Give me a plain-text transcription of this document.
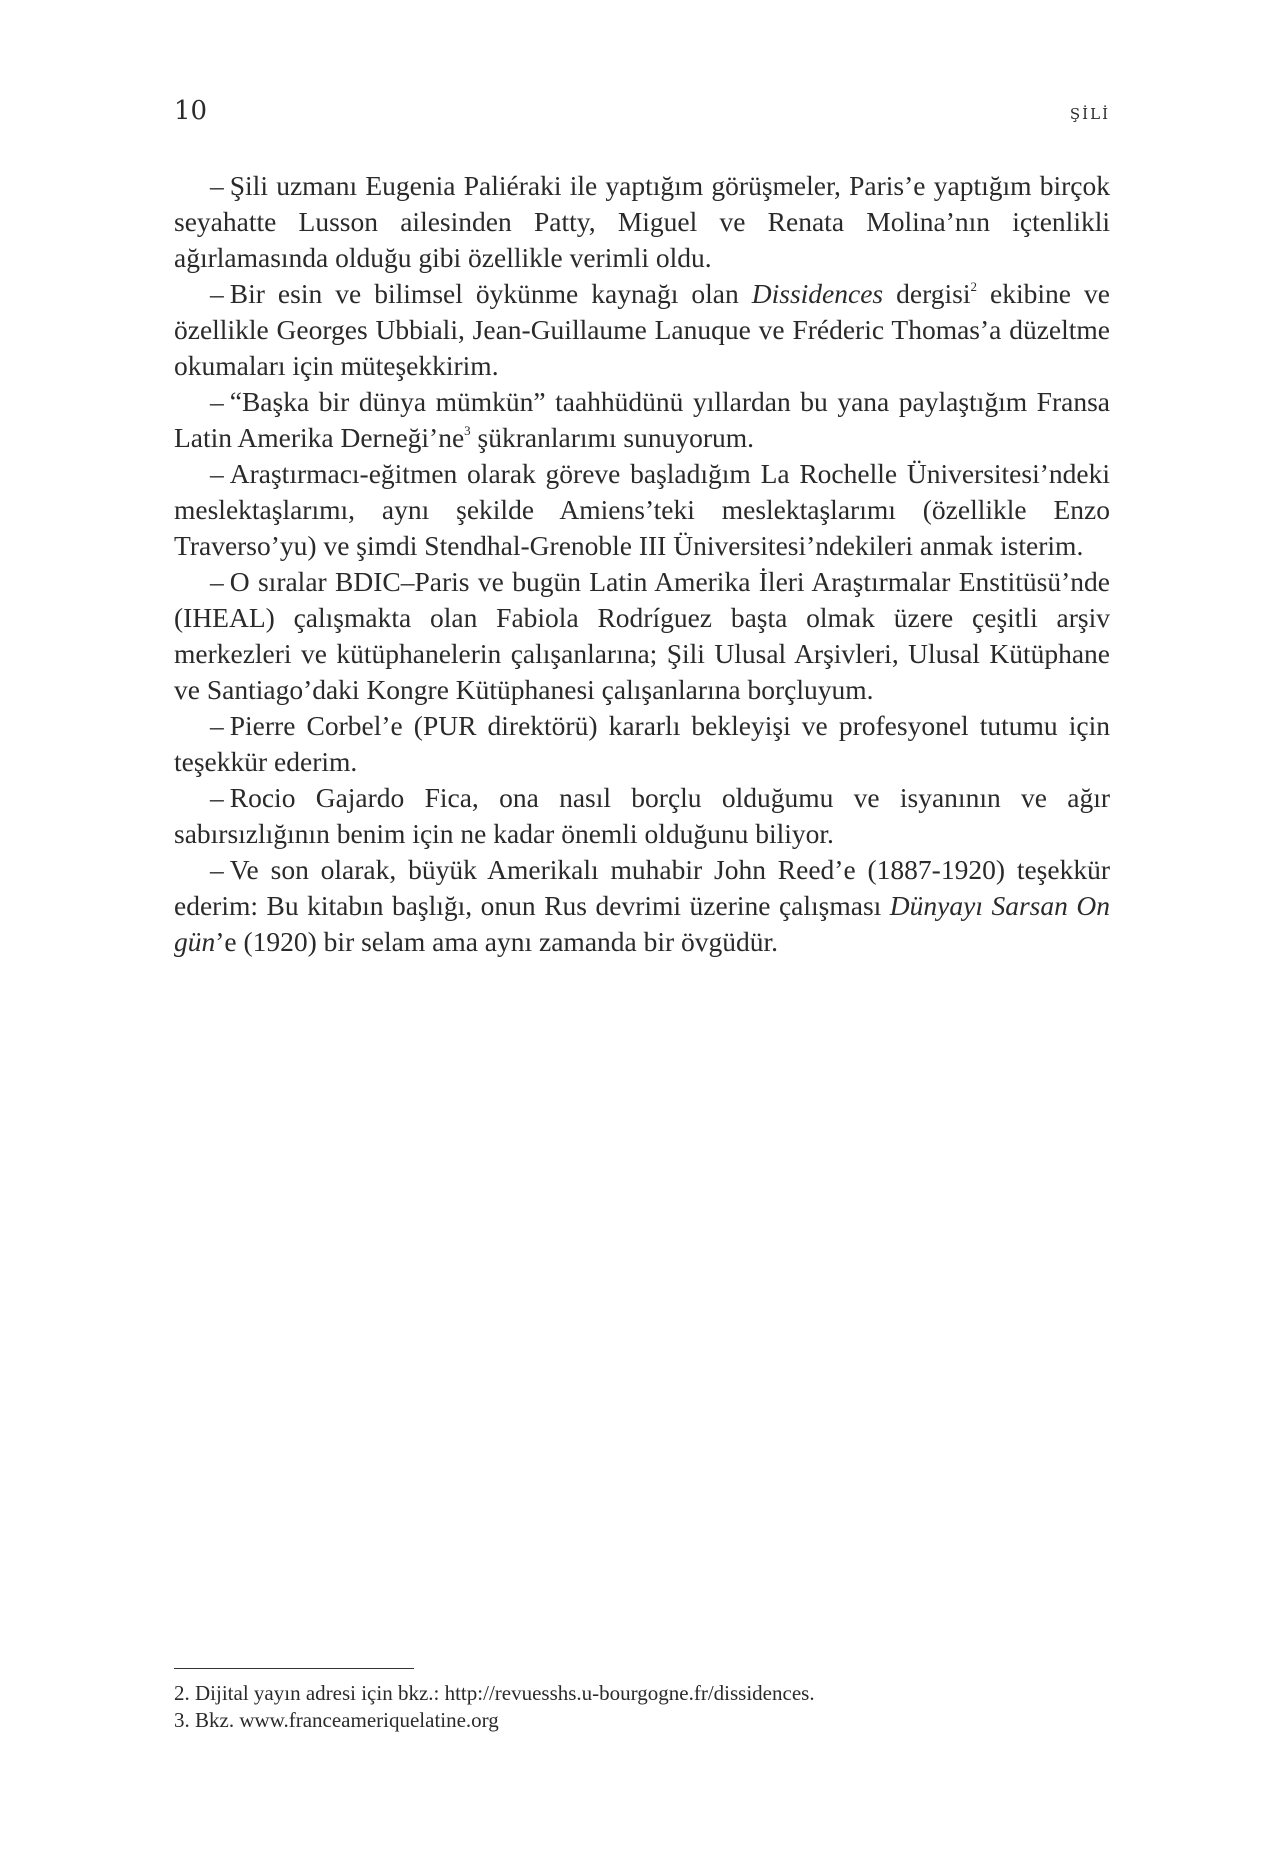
10	ŞİLİ

– Şili uzmanı Eugenia Paliéraki ile yaptığım görüşmeler, Paris’e yaptığım birçok seyahatte Lusson ailesinden Patty, Miguel ve Renata Molina’nın içtenlikli ağırlamasında olduğu gibi özellikle verimli oldu.

– Bir esin ve bilimsel öykünme kaynağı olan Dissidences dergisi$^2$ ekibine ve özellikle Georges Ubbiali, Jean-Guillaume Lanuque ve Fréderic Thomas’a düzeltme okumaları için müteşekkirim.

– “Başka bir dünya mümkün” taahhüdünü yıllardan bu yana paylaştığım Fransa Latin Amerika $Derneği’ne^3$ şükranlarımı sunuyorum.

– Araştırmacı-eğitmen olarak göreve başladığım La Rochelle Üniversitesi’ndeki meslektaşlarımı, aynı şekilde Amiens’teki meslektaşlarımı (özellikle Enzo Traverso’yu) ve şimdi Stendhal-Grenoble III Üniversitesi’ndekileri anmak isterim.

– O sıralar BDIC–Paris ve bugün Latin Amerika İleri Araştırmalar Enstitüsü’nde (IHEAL) çalışmakta olan Fabiola Rodríguez başta olmak üzere çeşitli arşiv merkezleri ve kütüphanelerin çalışanlarına; Şili Ulusal Arşivleri, Ulusal Kütüphane ve Santiago’daki Kongre Kütüphanesi çalışanlarına borçluyum.

– Pierre Corbel’e (PUR direktörü) kararlı bekleyişi ve profesyonel tutumu için teşekkür ederim.

– Rocio Gajardo Fica, ona nasıl borçlu olduğumu ve isyanının ve ağır sabırsızlığının benim için ne kadar önemli olduğunu biliyor.

– Ve son olarak, büyük Amerikalı muhabir John Reed’e (1887-1920) teşekkür ederim: Bu kitabın başlığı, onun Rus devrimi üzerine çalışması Dünyayı Sarsan On gün’e (1920) bir selam ama aynı zamanda bir övgüdür.

2. Dijital yayın adresi için bkz.: http://revuesshs.u-bourgogne.fr/dissidences.

3. Bkz. www.franceameriquelatine.org
